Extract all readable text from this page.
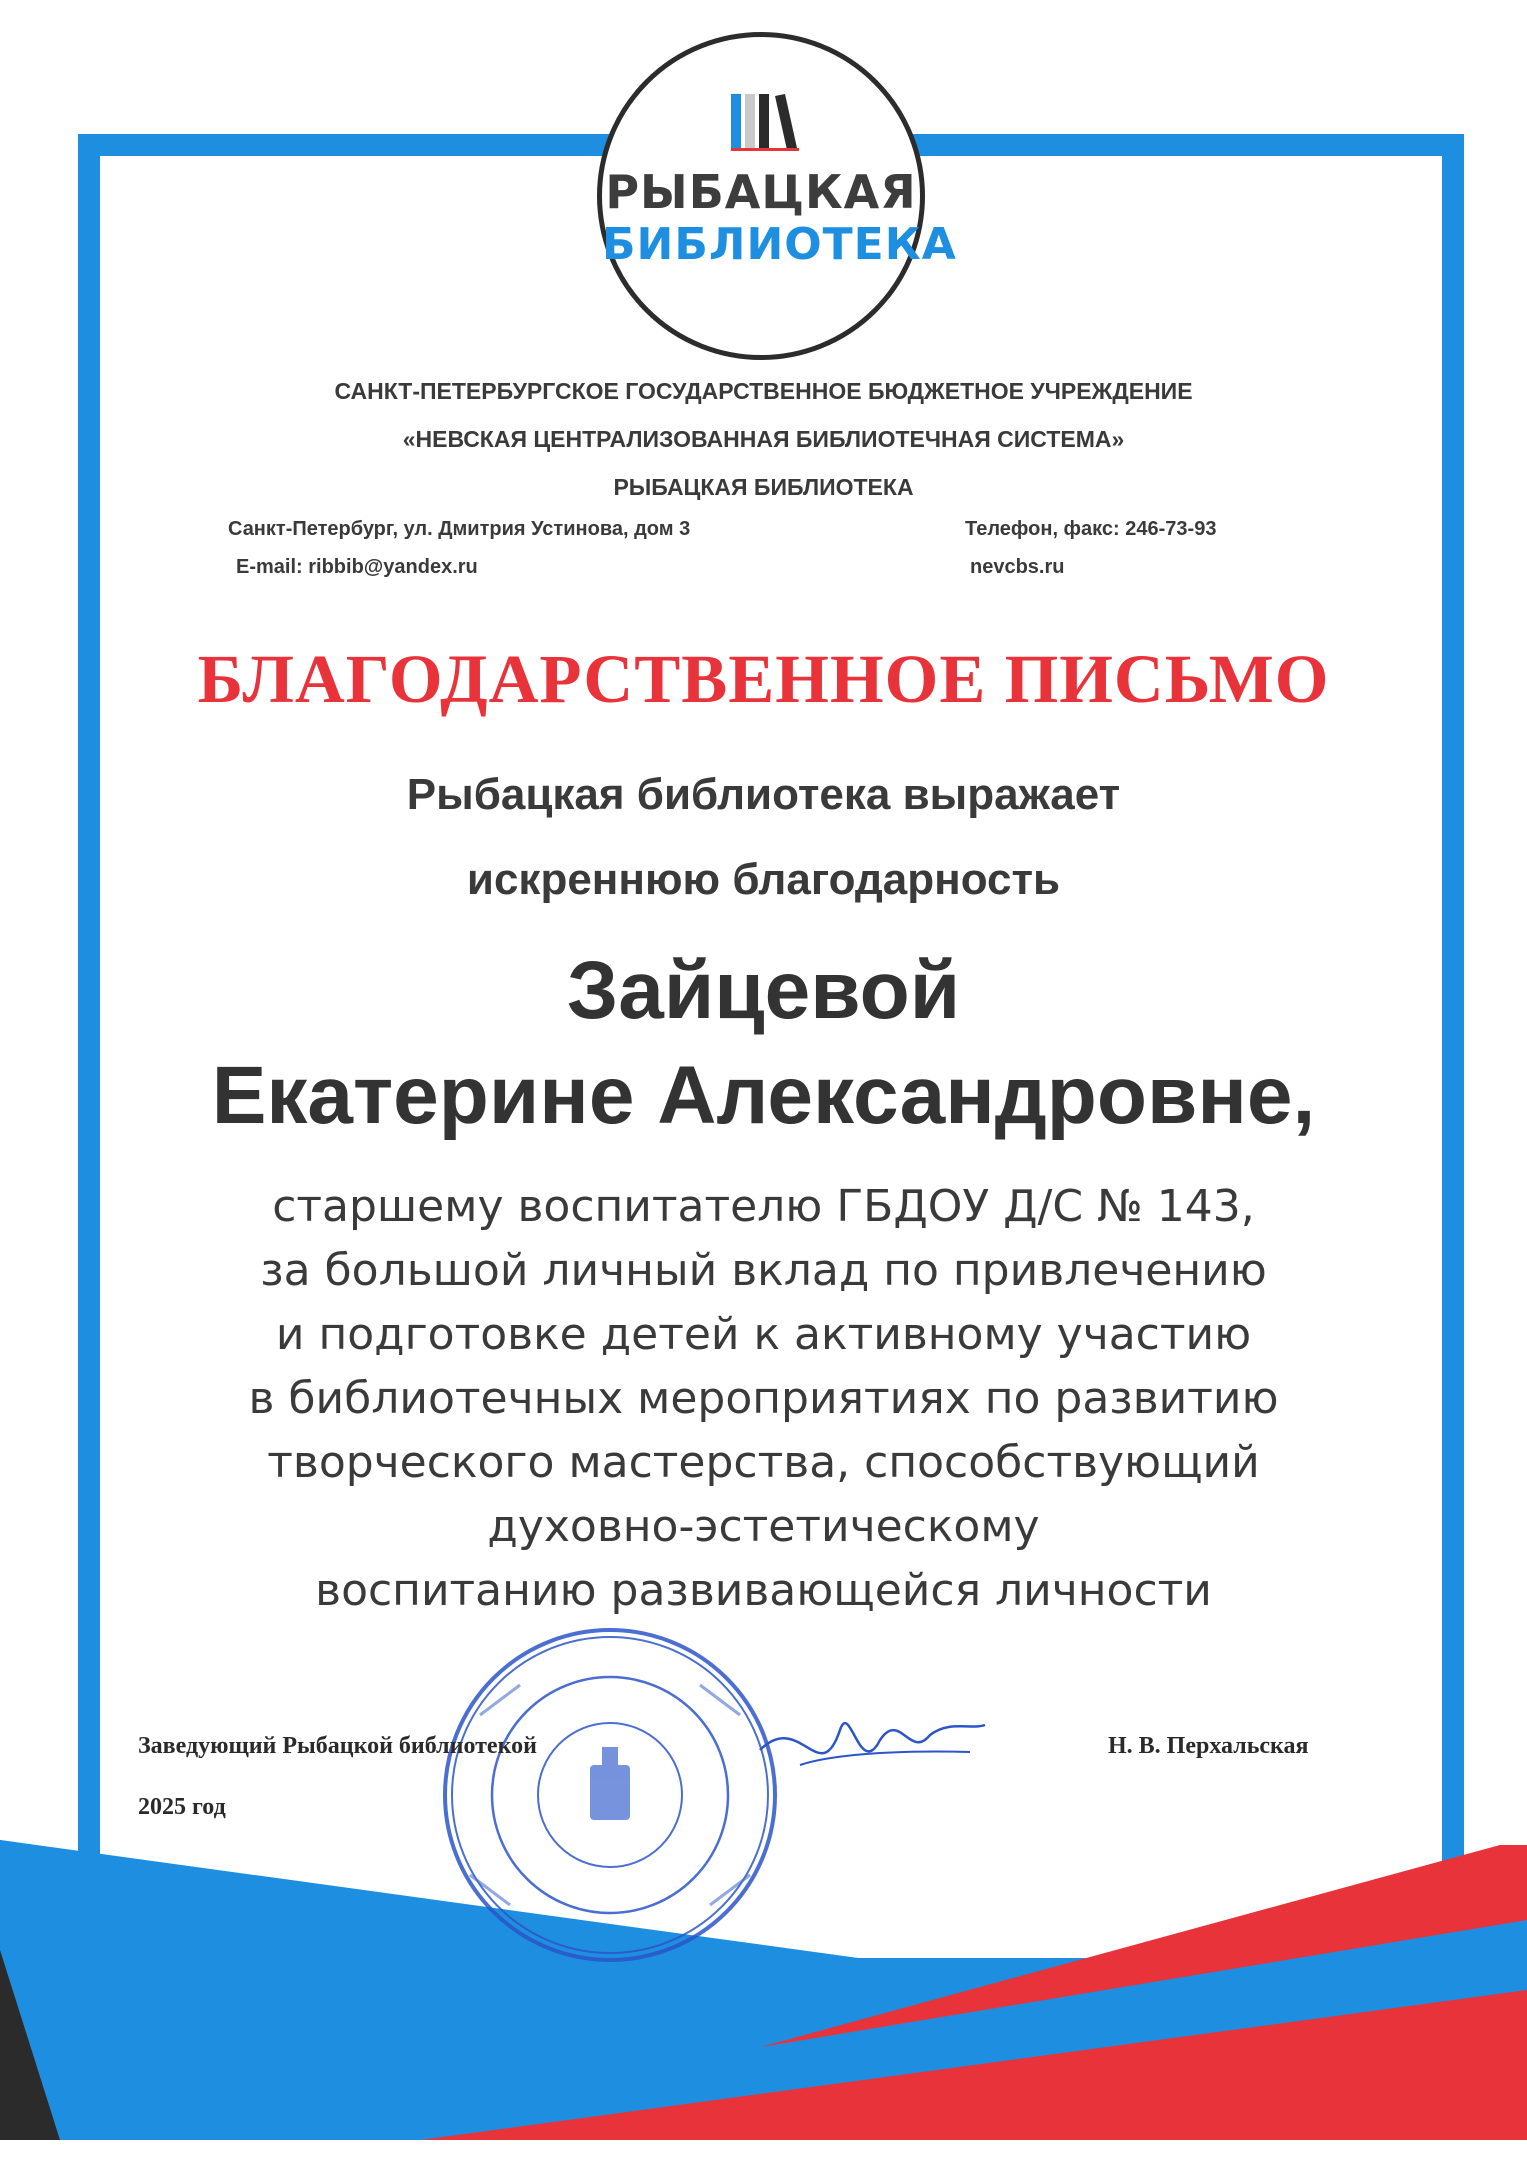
РЫБАЦКАЯ
БИБЛИОТЕКА
САНКТ-ПЕТЕРБУРГСКОЕ ГОСУДАРСТВЕННОЕ БЮДЖЕТНОЕ УЧРЕЖДЕНИЕ
«НЕВСКАЯ ЦЕНТРАЛИЗОВАННАЯ БИБЛИОТЕЧНАЯ СИСТЕМА»
РЫБАЦКАЯ БИБЛИОТЕКА
Санкт-Петербург, ул. Дмитрия Устинова, дом 3	Телефон, факс: 246-73-93
E-mail: ribbib@yandex.ru	nevcbs.ru
БЛАГОДАРСТВЕННОЕ ПИСЬМО
Рыбацкая библиотека выражает
искреннюю благодарность
Зайцевой
Екатерине Александровне,
старшему воспитателю ГБДОУ Д/С № 143,
за большой личный вклад по привлечению
и подготовке детей к активному участию
в библиотечных мероприятиях по развитию
творческого мастерства, способствующий
духовно-эстетическому
воспитанию развивающейся личности
Заведующий Рыбацкой библиотекой
2025 год
Н. В. Перхальская
